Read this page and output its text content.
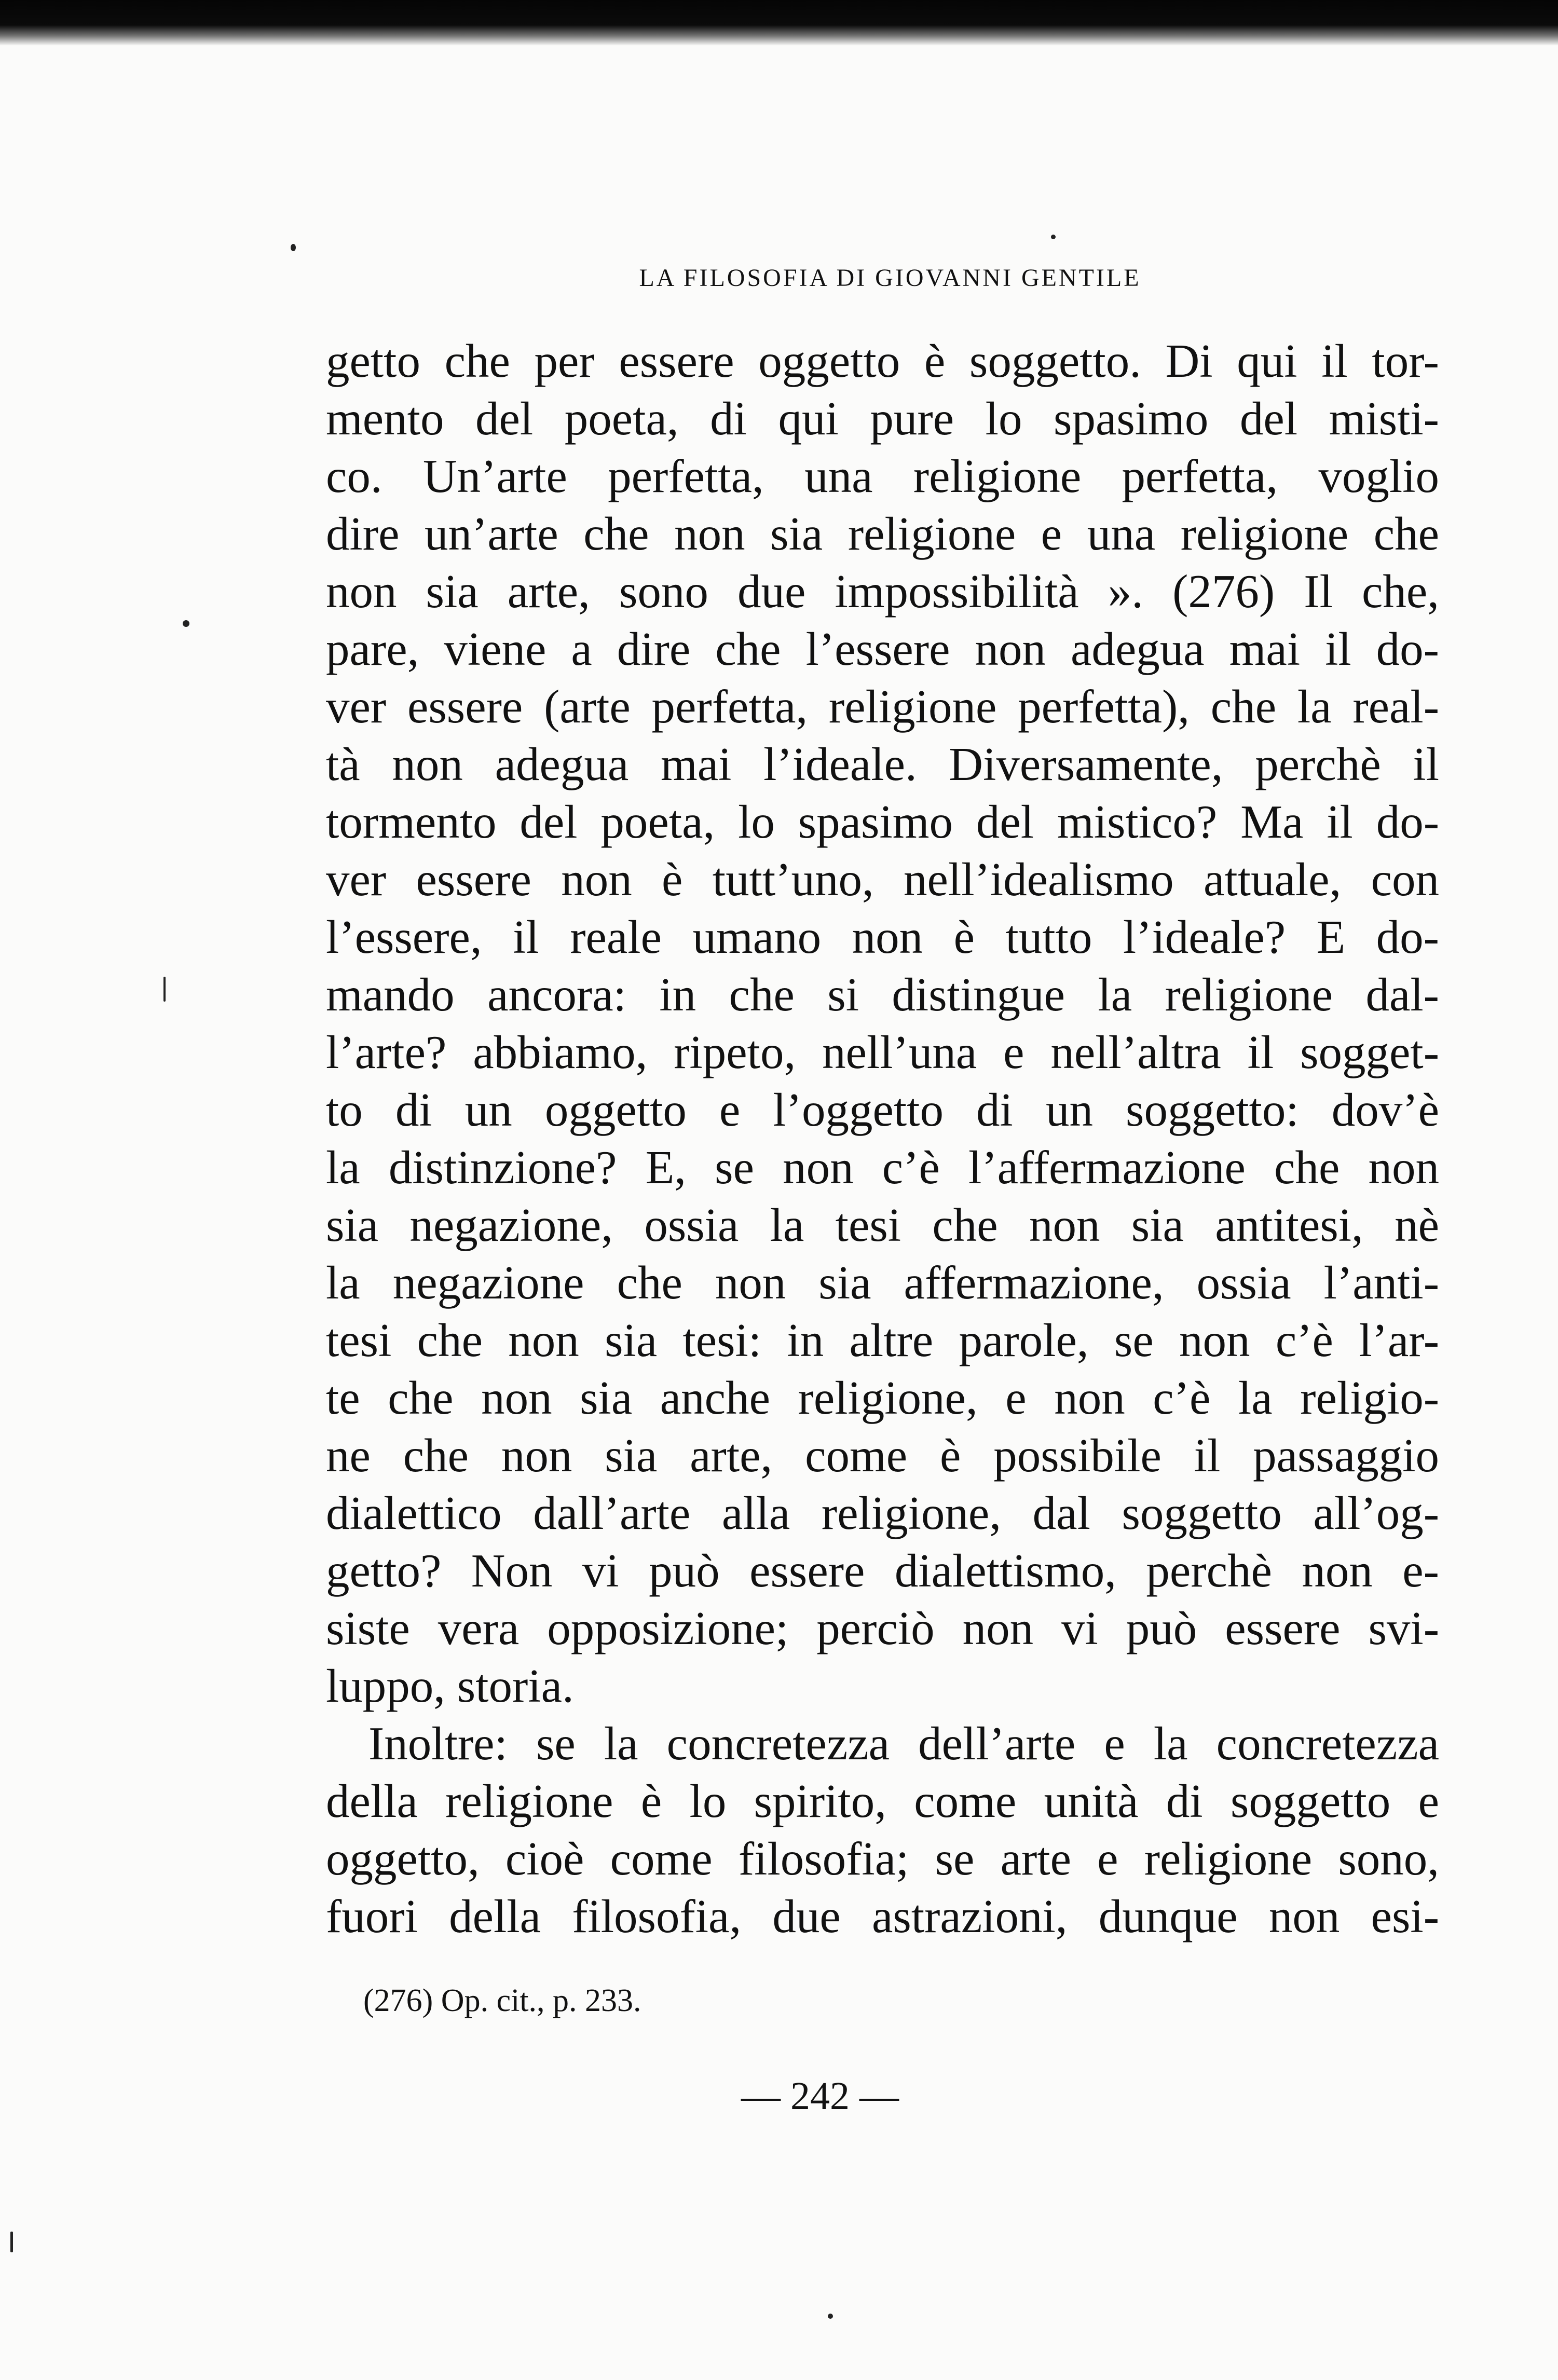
LA FILOSOFIA DI GIOVANNI GENTILE
getto che per essere oggetto è soggetto. Di qui il tor-
mento del poeta, di qui pure lo spasimo del misti-
co. Un’arte perfetta, una religione perfetta, voglio
dire un’arte che non sia religione e una religione che
non sia arte, sono due impossibilità ». (276) Il che,
pare, viene a dire che l’essere non adegua mai il do-
ver essere (arte perfetta, religione perfetta), che la real-
tà non adegua mai l’ideale. Diversamente, perchè il
tormento del poeta, lo spasimo del mistico? Ma il do-
ver essere non è tutt’uno, nell’idealismo attuale, con
l’essere, il reale umano non è tutto l’ideale? E do-
mando ancora: in che si distingue la religione dal-
l’arte? abbiamo, ripeto, nell’una e nell’altra il sogget-
to di un oggetto e l’oggetto di un soggetto: dov’è
la distinzione? E, se non c’è l’affermazione che non
sia negazione, ossia la tesi che non sia antitesi, nè
la negazione che non sia affermazione, ossia l’anti-
tesi che non sia tesi: in altre parole, se non c’è l’ar-
te che non sia anche religione, e non c’è la religio-
ne che non sia arte, come è possibile il passaggio
dialettico dall’arte alla religione, dal soggetto all’og-
getto? Non vi può essere dialettismo, perchè non e-
siste vera opposizione; perciò non vi può essere svi-
luppo, storia.
Inoltre: se la concretezza dell’arte e la concretezza
della religione è lo spirito, come unità di soggetto e
oggetto, cioè come filosofia; se arte e religione sono,
fuori della filosofia, due astrazioni, dunque non esi-
(276) Op. cit., p. 233.
— 242 —
